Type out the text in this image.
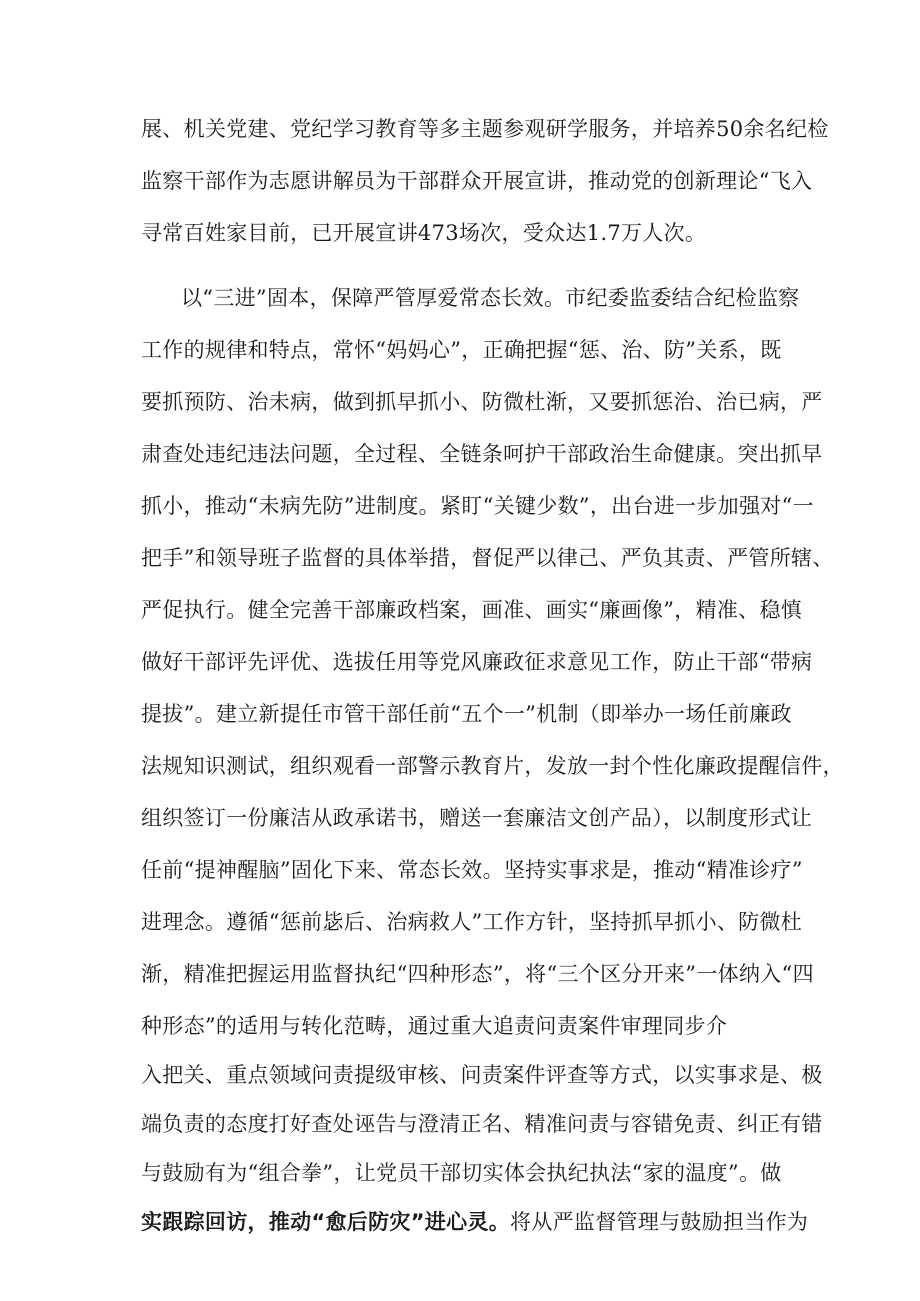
展、机关党建、党纪学习教育等多主题参观研学服务，并培养50余名纪检
监察干部作为志愿讲解员为干部群众开展宣讲，推动党的创新理论“飞入
寻常百姓家目前，已开展宣讲473场次，受众达1.7万人次。
以“三进”固本，保障严管厚爱常态长效。市纪委监委结合纪检监察
工作的规律和特点，常怀“妈妈心”，正确把握“惩、治、防”关系，既
要抓预防、治未病，做到抓早抓小、防微杜渐，又要抓惩治、治已病，严
肃查处违纪违法问题，全过程、全链条呵护干部政治生命健康。突出抓早
抓小，推动“未病先防”进制度。紧盯“关键少数”，出台进一步加强对“一
把手”和领导班子监督的具体举措，督促严以律己、严负其责、严管所辖、
严促执行。健全完善干部廉政档案，画准、画实“廉画像”，精准、稳慎
做好干部评先评优、选拔任用等党风廉政征求意见工作，防止干部“带病
提拔”。建立新提任市管干部任前“五个一”机制（即举办一场任前廉政
法规知识测试，组织观看一部警示教育片，发放一封个性化廉政提醒信件，
组织签订一份廉洁从政承诺书，赠送一套廉洁文创产品），以制度形式让
任前“提神醒脑”固化下来、常态长效。坚持实事求是，推动“精准诊疗”
进理念。遵循“惩前毖后、治病救人”工作方针，坚持抓早抓小、防微杜
渐，精准把握运用监督执纪“四种形态”，将“三个区分开来”一体纳入“四
种形态”的适用与转化范畴，通过重大追责问责案件审理同步介
入把关、重点领域问责提级审核、问责案件评查等方式，以实事求是、极
端负责的态度打好查处诬告与澄清正名、精准问责与容错免责、纠正有错
与鼓励有为“组合拳”，让党员干部切实体会执纪执法“家的温度”。做
实跟踪回访，推动“愈后防灾”进心灵。将从严监督管理与鼓励担当作为
